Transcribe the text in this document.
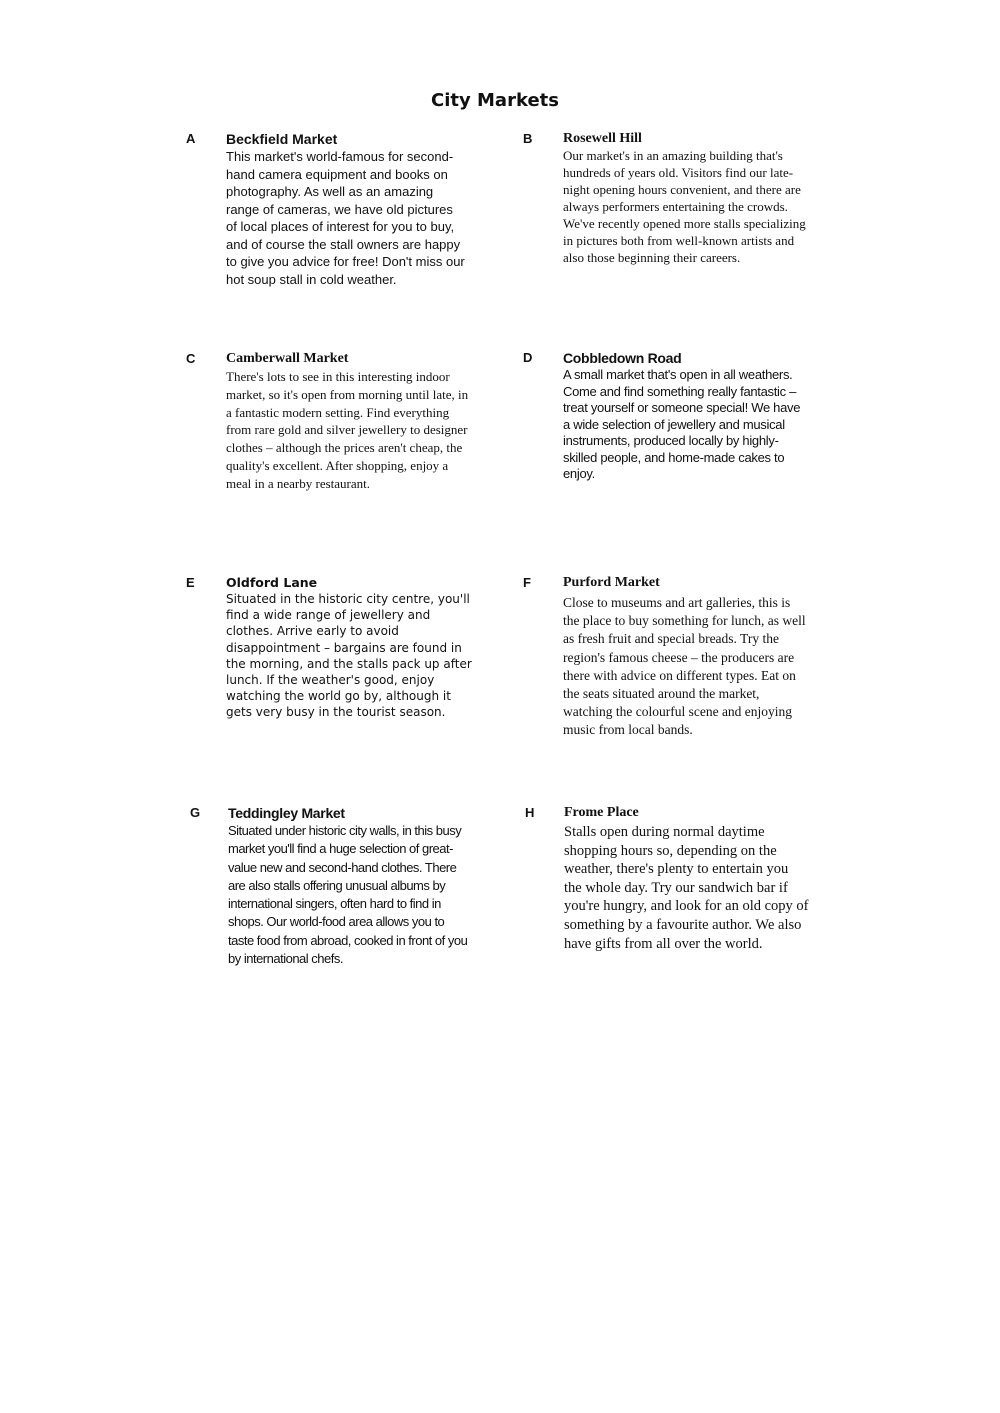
City Markets
A Beckfield Market

This market's world-famous for second-hand camera equipment and books on photography. As well as an amazing range of cameras, we have old pictures of local places of interest for you to buy, and of course the stall owners are happy to give you advice for free! Don't miss our hot soup stall in cold weather.

B Rosewell Hill

Our market's in an amazing building that's hundreds of years old. Visitors find our late-night opening hours convenient, and there are always performers entertaining the crowds. We've recently opened more stalls specializing in pictures both from well-known artists and also those beginning their careers.

C Camberwall Market

There's lots to see in this interesting indoor market, so it's open from morning until late, in a fantastic modern setting. Find everything from rare gold and silver jewellery to designer clothes – although the prices aren't cheap, the quality's excellent. After shopping, enjoy a meal in a nearby restaurant.

D Cobbledown Road

A small market that's open in all weathers. Come and find something really fantastic – treat yourself or someone special! We have a wide selection of jewellery and musical instruments, produced locally by highly-skilled people, and home-made cakes to enjoy.

E	Oldford Lane

Situated in the historic city centre, you'll find a wide range of jewellery and clothes. Arrive early to avoid disappointment – bargains are found in the morning, and the stalls pack up after lunch. If the weather's good, enjoy watching the world go by, although it gets very busy in the tourist season.

F Purford Market

Close to museums and art galleries, this is the place to buy something for lunch, as well as fresh fruit and special breads. Try the region's famous cheese – the producers are there with advice on different types. Eat on the seats situated around the market, watching the colourful scene and enjoying music from local bands.

G Teddingley Market

Situated under historic city walls, in this busy market you'll find a huge selection of great-value new and second-hand clothes. There are also stalls offering unusual albums by international singers, often hard to find in shops. Our world-food area allows you to taste food from abroad, cooked in front of you by international chefs.

H Frome Place

Stalls open during normal daytime shopping hours so, depending on the weather, there's plenty to entertain you the whole day. Try our sandwich bar if you're hungry, and look for an old copy of something by a favourite author. We also have gifts from all over the world.
